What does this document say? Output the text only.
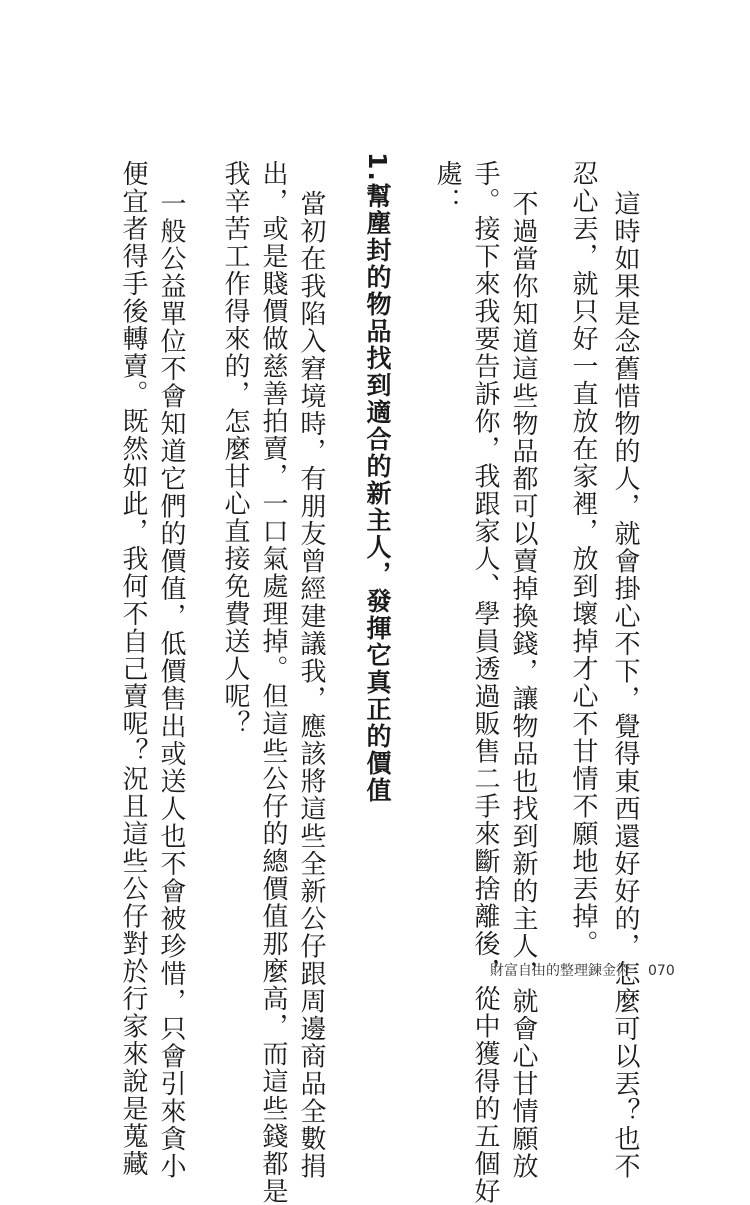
這時如果是念舊惜物的人，就會掛心不下，覺得東西還好好的，怎麼可以丟？也不

忍心丟，就只好一直放在家裡，放到壞掉才心不甘情不願地丟掉。

不過當你知道這些物品都可以賣掉換錢，讓物品也找到新的主人，就會心甘情願放

手。接下來我要告訴你，我跟家人、學員透過販售二手來斷捨離後，從中獲得的五個好

處：

1.幫塵封的物品找到適合的新主人，發揮它真正的價值

當初在我陷入窘境時，有朋友曾經建議我，應該將這些全新公仔跟周邊商品全數捐

出，或是賤價做慈善拍賣，一口氣處理掉。但這些公仔的總價值那麼高，而這些錢都是

我辛苦工作得來的，怎麼甘心直接免費送人呢？

一般公益單位不會知道它們的價值，低價售出或送人也不會被珍惜，只會引來貪小

便宜者得手後轉賣。既然如此，我何不自己賣呢？況且這些公仔對於行家來說是蒐藏	財富自由的整理鍊金術 070
